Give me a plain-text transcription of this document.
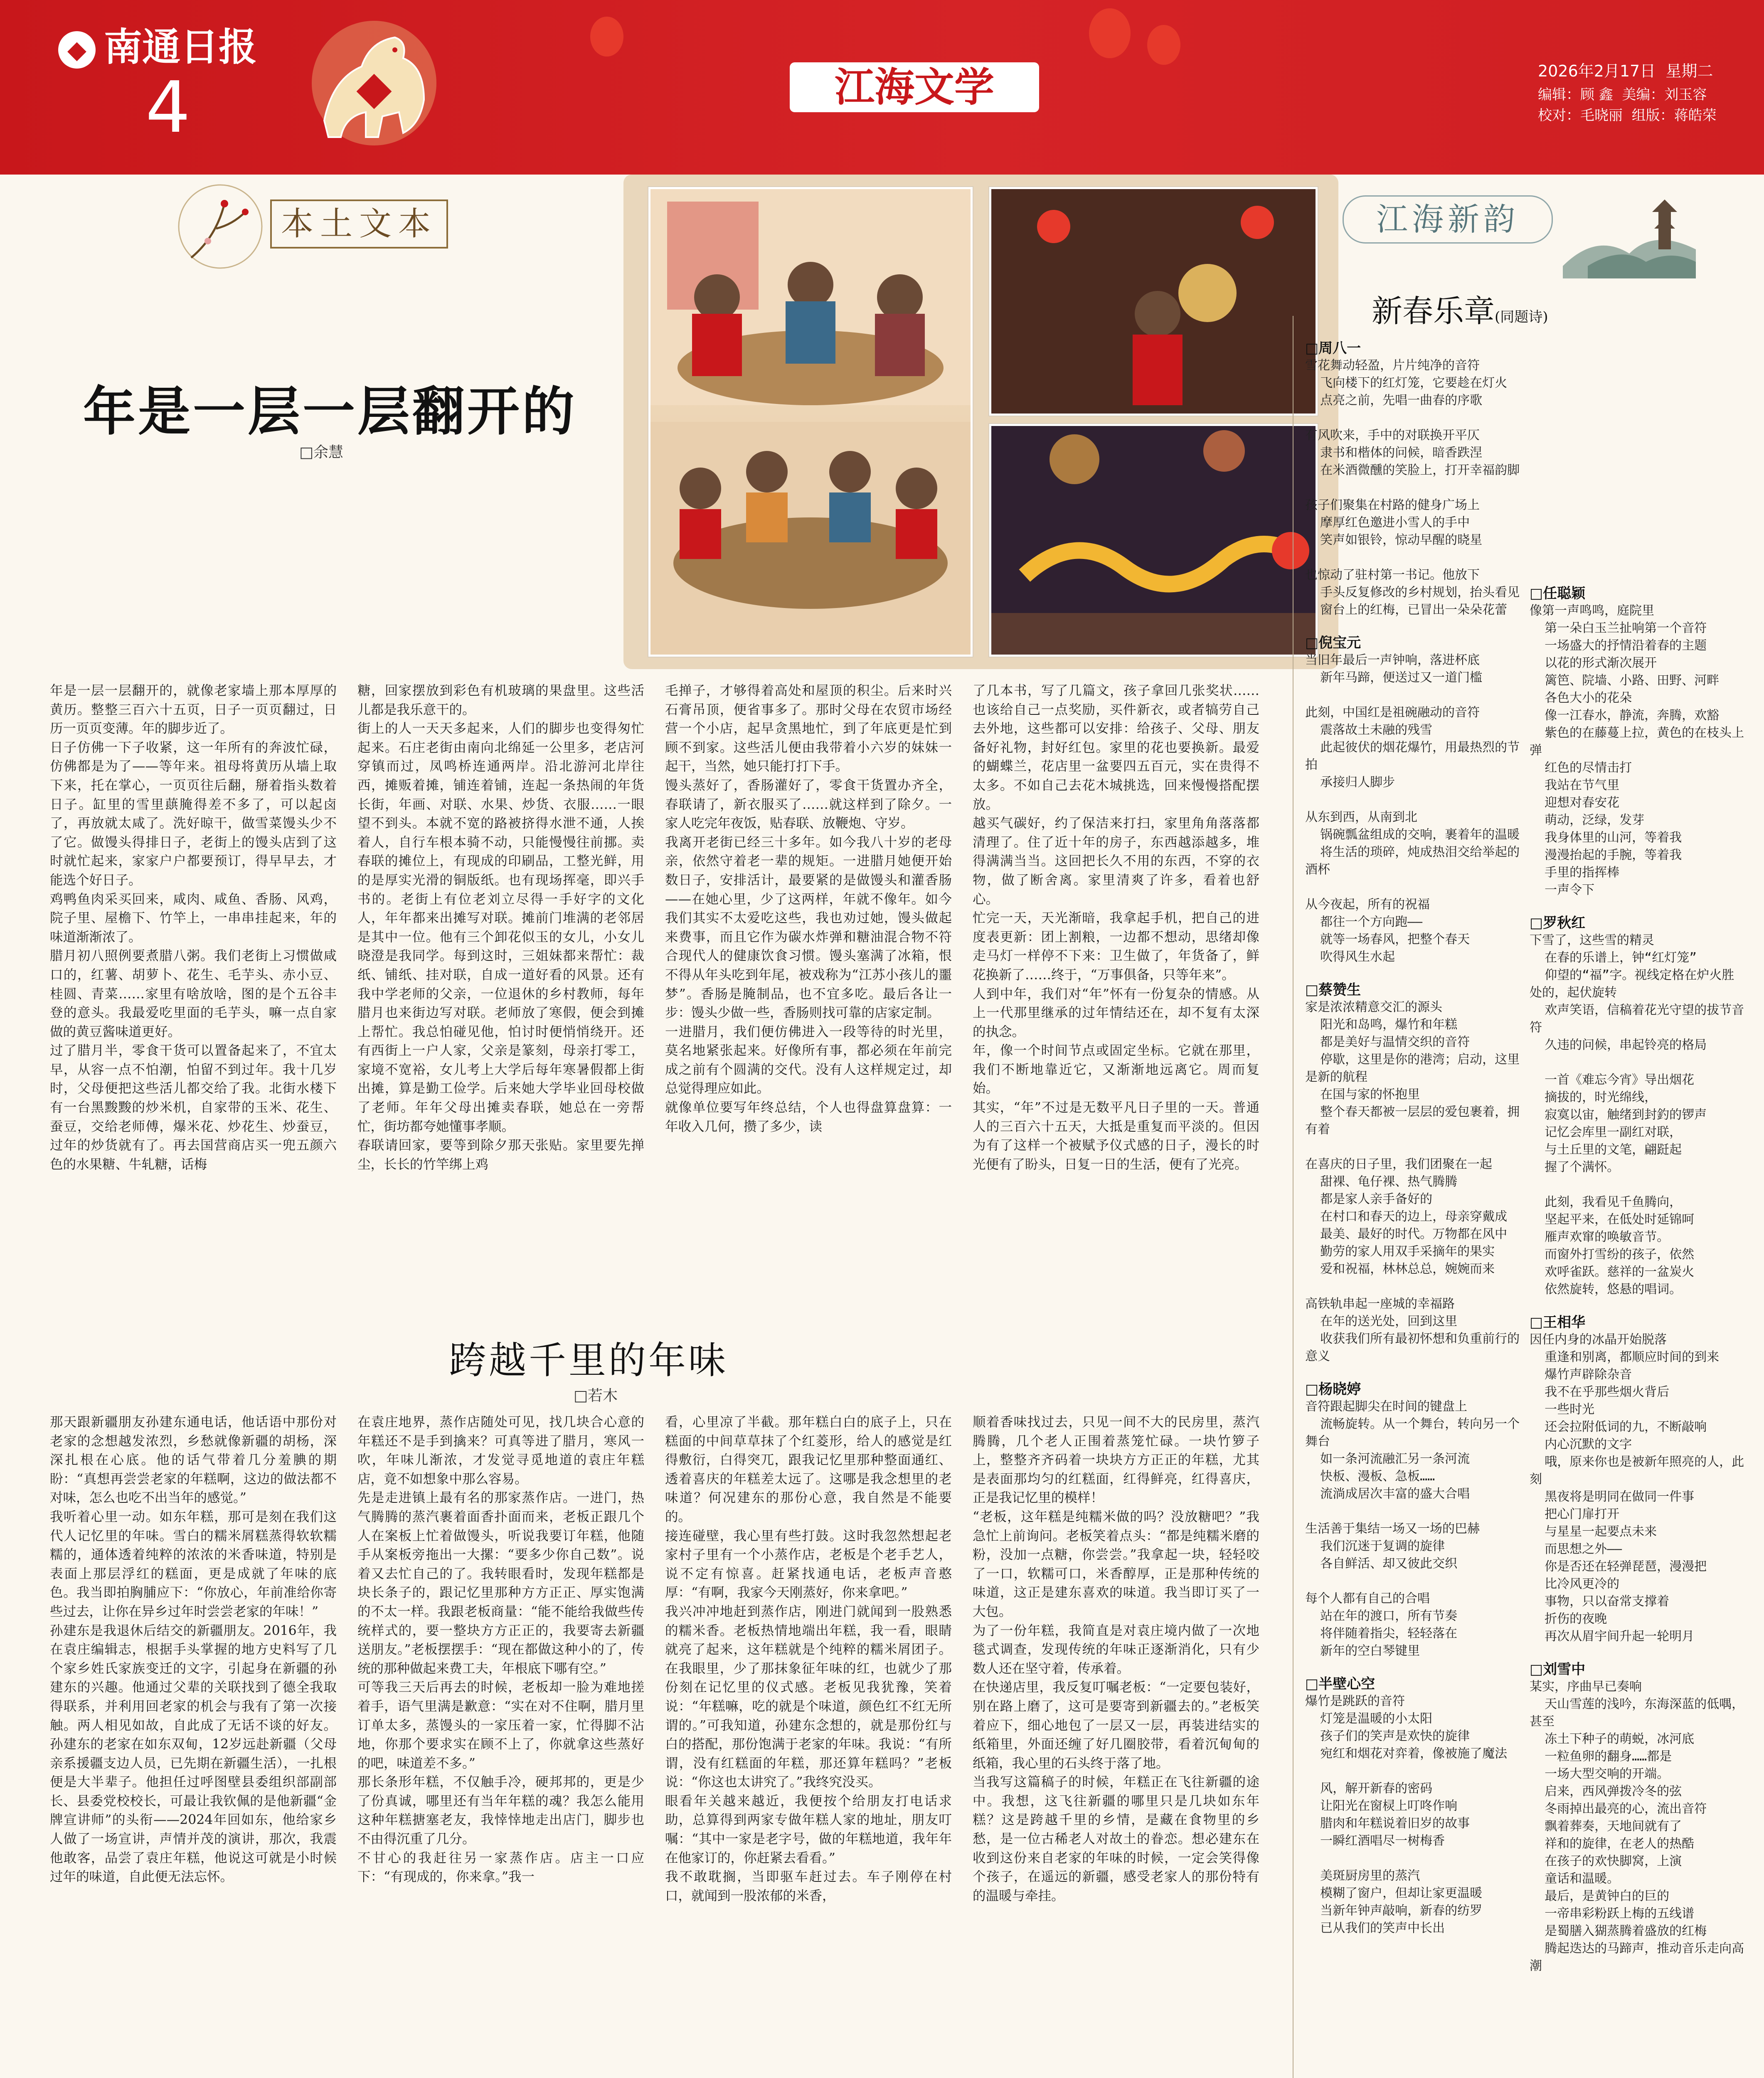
◆ 南通日报
4	江海文学	2026年2月17日 星期二
编辑：顾 鑫 美编：刘玉容
校对：毛晓丽 组版：蒋皓荣
本土文本
年是一层一层翻开的
□余慧
江海新韵
新春乐章(同题诗)
年是一层一层翻开的，就像老家墙上那本厚厚的黄历。整整三百六十五页，日子一页页翻过，日历一页页变薄。年的脚步近了。
日子仿佛一下子收紧，这一年所有的奔波忙碌，仿佛都是为了——等年来。祖母将黄历从墙上取下来，托在掌心，一页页往后翻，掰着指头数着日子。缸里的雪里蕻腌得差不多了，可以起卤了，再放就太咸了。洗好晾干，做雪菜馒头少不了它。做馒头得排日子，老街上的馒头店到了这时就忙起来，家家户户都要预订，得早早去，才能选个好日子。
鸡鸭鱼肉采买回来，咸肉、咸鱼、香肠、风鸡，院子里、屋檐下、竹竿上，一串串挂起来，年的味道渐渐浓了。
腊月初八照例要煮腊八粥。我们老街上习惯做咸口的，红薯、胡萝卜、花生、毛芋头、赤小豆、桂圆、青菜……家里有啥放啥，图的是个五谷丰登的意头。我最爱吃里面的毛芋头，嘛一点自家做的黄豆酱味道更好。
过了腊月半，零食干货可以置备起来了，不宜太早，从容一点不怕潮，怕留不到过年。我十几岁时，父母便把这些活儿都交给了我。北街水楼下有一台黑黢黢的炒米机，自家带的玉米、花生、蚕豆，交给老师傅，爆米花、炒花生、炒蚕豆，过年的炒货就有了。再去国营商店买一兜五颜六色的水果糖、牛轧糖，话梅
糖，回家摆放到彩色有机玻璃的果盘里。这些活儿都是我乐意干的。
街上的人一天天多起来，人们的脚步也变得匆忙起来。石庄老街由南向北绵延一公里多，老店河穿镇而过，凤鸣桥连通两岸。沿北游河北岸往西，摊贩着摊，铺连着铺，连起一条热闹的年货长街，年画、对联、水果、炒货、衣服……一眼望不到头。本就不宽的路被挤得水泄不通，人挨着人，自行车根本骑不动，只能慢慢往前挪。卖春联的摊位上，有现成的印刷品，工整光鲜，用的是厚实光滑的铜版纸。也有现场挥毫，即兴手书的。老街上有位老刘立尽得一手好字的文化人，年年都来出摊写对联。摊前门堆满的老邻居是其中一位。他有三个卸花似玉的女儿，小女儿晓澄是我同学。每到这时，三姐妹都来帮忙：裁纸、铺纸、挂对联，自成一道好看的风景。还有我中学老师的父亲，一位退休的乡村教师，每年腊月也来街边写对联。老师放了寒假，便会到摊上帮忙。我总怕碰见他，怕讨时便悄悄绕开。还有西街上一户人家，父亲是篆刻，母亲打零工，家境不宽裕，女儿考上大学后每年寒暑假都上街出摊，算是勤工俭学。后来她大学毕业回母校做了老师。年年父母出摊卖春联，她总在一旁帮忙，街坊都夸她懂事孝顺。
春联请回家，要等到除夕那天张贴。家里要先掸尘，长长的竹竿绑上鸡
毛掸子，才够得着高处和屋顶的积尘。后来时兴石膏吊顶，便省事多了。那时父母在农贸市场经营一个小店，起早贪黑地忙，到了年底更是忙到顾不到家。这些活儿便由我带着小六岁的妹妹一起干，当然，她只能打打下手。
馒头蒸好了，香肠灌好了，零食干货置办齐全，春联请了，新衣服买了……就这样到了除夕。一家人吃完年夜饭，贴春联、放鞭炮、守岁。
我离开老街已经三十多年。如今我八十岁的老母亲，依然守着老一辈的规矩。一进腊月她便开始数日子，安排活计，最要紧的是做馒头和灌香肠——在她心里，少了这两样，年就不像年。如今我们其实不太爱吃这些，我也劝过她，馒头做起来费事，而且它作为碳水炸弹和糖油混合物不符合现代人的健康饮食习惯。馒头塞满了冰箱，恨不得从年头吃到年尾，被戏称为“江苏小孩儿的噩梦”。香肠是腌制品，也不宜多吃。最后各让一步：馒头少做一些，香肠则找可靠的店家定制。
一进腊月，我们便仿佛进入一段等待的时光里，莫名地紧张起来。好像所有事，都必须在年前完成之前有个圆满的交代。没有人这样规定过，却总觉得理应如此。
就像单位要写年终总结，个人也得盘算盘算：一年收入几何，攒了多少，读
了几本书，写了几篇文，孩子拿回几张奖状……也该给自己一点奖励，买件新衣，或者犒劳自己去外地，这些都可以安排：给孩子、父母、朋友备好礼物，封好红包。家里的花也要换新。最爱的蝴蝶兰，花店里一盆要四五百元，实在贵得不太多。不如自己去花木城挑选，回来慢慢搭配摆放。
越买气碳好，约了保洁来打扫，家里角角落落都清理了。住了近十年的房子，东西越添越多，堆得满满当当。这回把长久不用的东西，不穿的衣物，做了断舍离。家里清爽了许多，看着也舒心。
忙完一天，天光渐暗，我拿起手机，把自己的进度表更新：团上割粮，一边都不想动，思绪却像走马灯一样停不下来：卫生做了，年货备了，鲜花换新了……终于，“万事俱备，只等年来”。
人到中年，我们对“年”怀有一份复杂的情感。从上一代那里继承的过年情结还在，却不复有太深的执念。
年，像一个时间节点或固定坐标。它就在那里，我们不断地靠近它，又渐渐地远离它。周而复始。
其实，“年”不过是无数平凡日子里的一天。普通人的三百六十五天，大抵是重复而平淡的。但因为有了这样一个被赋予仪式感的日子，漫长的时光便有了盼头，日复一日的生活，便有了光亮。
跨越千里的年味
□若木
那天跟新疆朋友孙建东通电话，他话语中那份对老家的念想越发浓烈，乡愁就像新疆的胡杨，深深扎根在心底。他的话气带着几分羞腆的期盼：“真想再尝尝老家的年糕啊，这边的做法都不对味，怎么也吃不出当年的感觉。”
我听着心里一动。如东年糕，那可是刻在我们这代人记忆里的年味。雪白的糯米屑糕蒸得软软糯糯的，通体透着纯粹的浓浓的米香味道，特别是表面上那层浮红的糕面，更是成就了年味的底色。我当即拍胸脯应下：“你放心，年前准给你寄些过去，让你在异乡过年时尝尝老家的年味！”
孙建东是我退休后结交的新疆朋友。2016年，我在袁庄编辑志，根据手头掌握的地方史料写了几个家乡姓氏家族变迁的文字，引起身在新疆的孙建东的兴趣。他通过父辈的关联找到了德全我取得联系，并利用回老家的机会与我有了第一次接触。两人相见如故，自此成了无话不谈的好友。孙建东的老家在如东双甸，12岁远赴新疆（父母亲系援疆支边人员，已先期在新疆生活），一扎根便是大半辈子。他担任过呼图壁县委组织部副部长、县委党校校长，可最让我钦佩的是他新疆“金牌宣讲师”的头衔——2024年回如东，他给家乡人做了一场宣讲，声情并茂的演讲，那次，我震他敢客，品尝了袁庄年糕，他说这可就是小时候过年的味道，自此便无法忘怀。
在袁庄地界，蒸作店随处可见，找几块合心意的年糕还不是手到擒来？可真等进了腊月，寒风一吹，年味儿渐浓，才发觉寻觅地道的袁庄年糕店，竟不如想象中那么容易。
先是走进镇上最有名的那家蒸作店。一进门，热气腾腾的蒸汽裹着面香扑面而来，老板正跟几个人在案板上忙着做馒头，听说我要订年糕，他随手从案板旁拖出一大摞：“要多少你自己数”。说着又去忙自己的了。我转眼看时，发现年糕都是块长条子的，跟记忆里那种方方正正、厚实饱满的不太一样。我跟老板商量：“能不能给我做些传统样式的，要一整块方方正正的，我要寄去新疆送朋友。”老板摆摆手：“现在都做这种小的了，传统的那种做起来费工夫，年根底下哪有空。”
可等我三天后再去的时候，老板却一脸为难地搓着手，语气里满是歉意：“实在对不住啊，腊月里订单太多，蒸馒头的一家压着一家，忙得脚不沾地，你那个要求实在顾不上了，你就拿这些蒸好的吧，味道差不多。”
那长条形年糕，不仅触手冷，硬邦邦的，更是少了份真诚，哪里还有当年年糕的魂？我怎么能用这种年糕搪塞老友，我悻悻地走出店门，脚步也不由得沉重了几分。
不甘心的我赶往另一家蒸作店。店主一口应下：“有现成的，你来拿。”我一
看，心里凉了半截。那年糕白白的底子上，只在糕面的中间草草抹了个红菱形，给人的感觉是红得敷衍，白得突兀，跟我记忆里那种整面通红、透着喜庆的年糕差太远了。这哪是我念想里的老味道？何况建东的那份心意，我自然是不能要的。
接连碰壁，我心里有些打鼓。这时我忽然想起老家村子里有一个小蒸作店，老板是个老手艺人，说不定有惊喜。赶紧找通电话，老板声音憨厚：“有啊，我家今天刚蒸好，你来拿吧。”
我兴冲冲地赶到蒸作店，刚进门就闻到一股熟悉的糯米香。老板热情地端出年糕，我一看，眼睛就亮了起来，这年糕就是个纯粹的糯米屑团子。在我眼里，少了那抹象征年味的红，也就少了那份刻在记忆里的仪式感。老板见我犹豫，笑着说：“年糕嘛，吃的就是个味道，颜色红不红无所谓的。”可我知道，孙建东念想的，就是那份红与白的搭配，那份饱满于老家的年味。我说：“有所谓，没有红糕面的年糕，那还算年糕吗？”老板说：“你这也太讲究了。”我终究没买。
眼看年关越来越近，我便按个给朋友打电话求助，总算得到两家专做年糕人家的地址，朋友叮嘱：“其中一家是老字号，做的年糕地道，我年年在他家订的，你赶紧去看看。”
我不敢耽搁，当即驱车赶过去。车子刚停在村口，就闻到一股浓郁的米香，
顺着香味找过去，只见一间不大的民房里，蒸汽腾腾，几个老人正围着蒸笼忙碌。一块竹箩子上，整整齐齐码着一块块方方正正的年糕，尤其是表面那均匀的红糕面，红得鲜亮，红得喜庆，正是我记忆里的模样！
“老板，这年糕是纯糯米做的吗？没放糖吧？”我急忙上前询问。老板笑着点头：“都是纯糯米磨的粉，没加一点糖，你尝尝。”我拿起一块，轻轻咬了一口，软糯可口，米香醇厚，正是那种传统的味道，这正是建东喜欢的味道。我当即订买了一大包。
为了一份年糕，我简直是对袁庄境内做了一次地毯式调查，发现传统的年味正逐渐消化，只有少数人还在坚守着，传承着。
在快递店里，我反复叮嘱老板：“一定要包装好，别在路上磨了，这可是要寄到新疆去的。”老板笑着应下，细心地包了一层又一层，再装进结实的纸箱里，外面还缠了好几圈胶带，看着沉甸甸的纸箱，我心里的石头终于落了地。
当我写这篇稿子的时候，年糕正在飞往新疆的途中。我想，这飞往新疆的哪里只是几块如东年糕？这是跨越千里的乡情，是藏在食物里的乡愁，是一位古稀老人对故土的眷恋。想必建东在收到这份来自老家的年味的时候，一定会笑得像个孩子，在遥远的新疆，感受老家人的那份特有的温暖与牵挂。
□周八一
雪花舞动轻盈，片片纯净的音符
飞向楼下的红灯笼，它要趁在灯火
点亮之前，先唱一曲春的序歌

有风吹来，手中的对联换开平仄
隶书和楷体的问候，暗香跌涅
在米酒微醺的笑脸上，打开幸福韵脚

孩子们聚集在村路的健身广场上
摩厚红色邀进小雪人的手中
笑声如银铃，惊动早醒的晓星

也惊动了驻村第一书记。他放下
手头反复修改的乡村规划，抬头看见
窗台上的红梅，已冒出一朵朵花蕾
□倪宝元
当旧年最后一声钟响，落进杯底
新年马蹄，便送过又一道门槛

此刻，中国红是祖碗融动的音符
震落故土未融的残雪
此起彼伏的烟花爆竹，用最热烈的节拍
承接归人脚步

从东到西，从南到北
锅碗瓢盆组成的交响，裹着年的温暖
将生活的琐碎，炖成热泪交给举起的酒杯

从今夜起，所有的祝福
都往一个方向跑——
就等一场春风，把整个春天
吹得风生水起
□蔡赞生
家是浓浓精意交汇的源头
阳光和岛鸣，爆竹和年糕
都是美好与温情交织的音符
停歇，这里是你的港湾；启动，这里是新的航程
在国与家的怀抱里
整个春天都被一层层的爱包裹着，拥有着

在喜庆的日子里，我们团聚在一起
甜裸、龟仔裸、热气腾腾
都是家人亲手备好的
在村口和春天的边上，母亲穿戴成
最美、最好的时代。万物都在风中
勤劳的家人用双手采摘年的果实
爱和祝福，林林总总，婉婉而来

高铁轨串起一座城的幸福路
在年的送光处，回到这里
收获我们所有最初怀想和负重前行的意义
□杨晓婷
音符跟起脚尖在时间的键盘上
流畅旋转。从一个舞台，转向另一个舞台
如一条河流融汇另一条河流
快板、漫板、急板……
流淌成居次丰富的盛大合唱

生活善于集结一场又一场的巴赫
我们沉迷于复调的旋律
各自鲜活、却又彼此交织

每个人都有自己的合唱
站在年的渡口，所有节奏
将伴随着指尖，轻轻落在
新年的空白琴键里
□半壁心空
爆竹是跳跃的音符
灯笼是温暖的小太阳
孩子们的笑声是欢快的旋律
宛红和烟花对弈着，像被施了魔法

风，解开新春的密码
让阳光在窗棂上叮咚作响
腊肉和年糕说着旧岁的故事
一瞬红酒唱尽一树梅香

美斑厨房里的蒸汽
模糊了窗户，但却让家更温暖
当新年钟声敲响，新春的纺罗
已从我们的笑声中长出
□任聪颖
像第一声鸣鸣，庭院里
第一朵白玉兰扯响第一个音符
一场盛大的抒情沿着春的主题
以花的形式渐次展开
篱笆、院墙、小路、田野、河畔
各色大小的花朵
像一江春水，静流，奔腾，欢豁
紫色的在藤蔓上拉，黄色的在枝头上弹
红色的尽情击打
我站在节气里
迎想对春安花
萌动，泛绿，发芽
我身体里的山河，等着我
漫漫抬起的手腕，等着我
手里的指挥棒
一声令下
□罗秋红
下雪了，这些雪的精灵
在春的乐谱上，钟“红灯笼”
仰望的“福”字。视线定格在炉火胜处的，起伏旋转
欢声笑语，信稿着花光守望的拔节音符
久违的问候，串起铃亮的格局

一首《难忘今宵》导出烟花
摘拔的，时光绵线，
寂寞以宙，触绪到封釣的锣声
记忆会库里一副红对联，
与土丘里的文笔，翩跹起
握了个满怀。

此刻，我看见千鱼腾向，
坚起平来，在低处时延锦呵
雁声欢窜的唤敏音节。
而窗外打雪纷的孩子，依然
欢呼雀跃。慈祥的一盆炭火
依然旋转，悠悬的唱词。
□王相华
因任内身的冰晶开始脱落
重逢和别离，都顺应时间的到来
爆竹声辟除杂音
我不在乎那些烟火背后
一些时光
还会拉附低词的九，不断敲响
内心沉默的文字
哦，原来你也是被新年照亮的人，此刻
黑夜将是明同在做同一件事
把心门扉打开
与星星一起要点未来
而思想之外——
你是否还在轻弹琵琶，漫漫把
比冷风更冷的
事物，只以奋常支撑着
折伤的夜晚
再次从眉宇间升起一轮明月
□刘雪中
某实，序曲早已奏响
天山雪莲的浅吟，东海深蓝的低喁，甚至
冻土下种子的萌蜕，冰河底
一粒鱼卵的翻身……都是
一场大型交响的开端。
启来，西风弹拨冷冬的弦
冬雨掉出最亮的心，流出音符
飘着葬奏，天地间就有了
祥和的旋律，在老人的热酷
在孩子的欢快脚窝，上演
童话和温暖。
最后，是黄钟白的巨的
一帝串彩粉跃上梅的五线谱
是蜀膳入猢蒸腾着盛放的红梅
腾起迭达的马蹄声，推动音乐走向高潮
